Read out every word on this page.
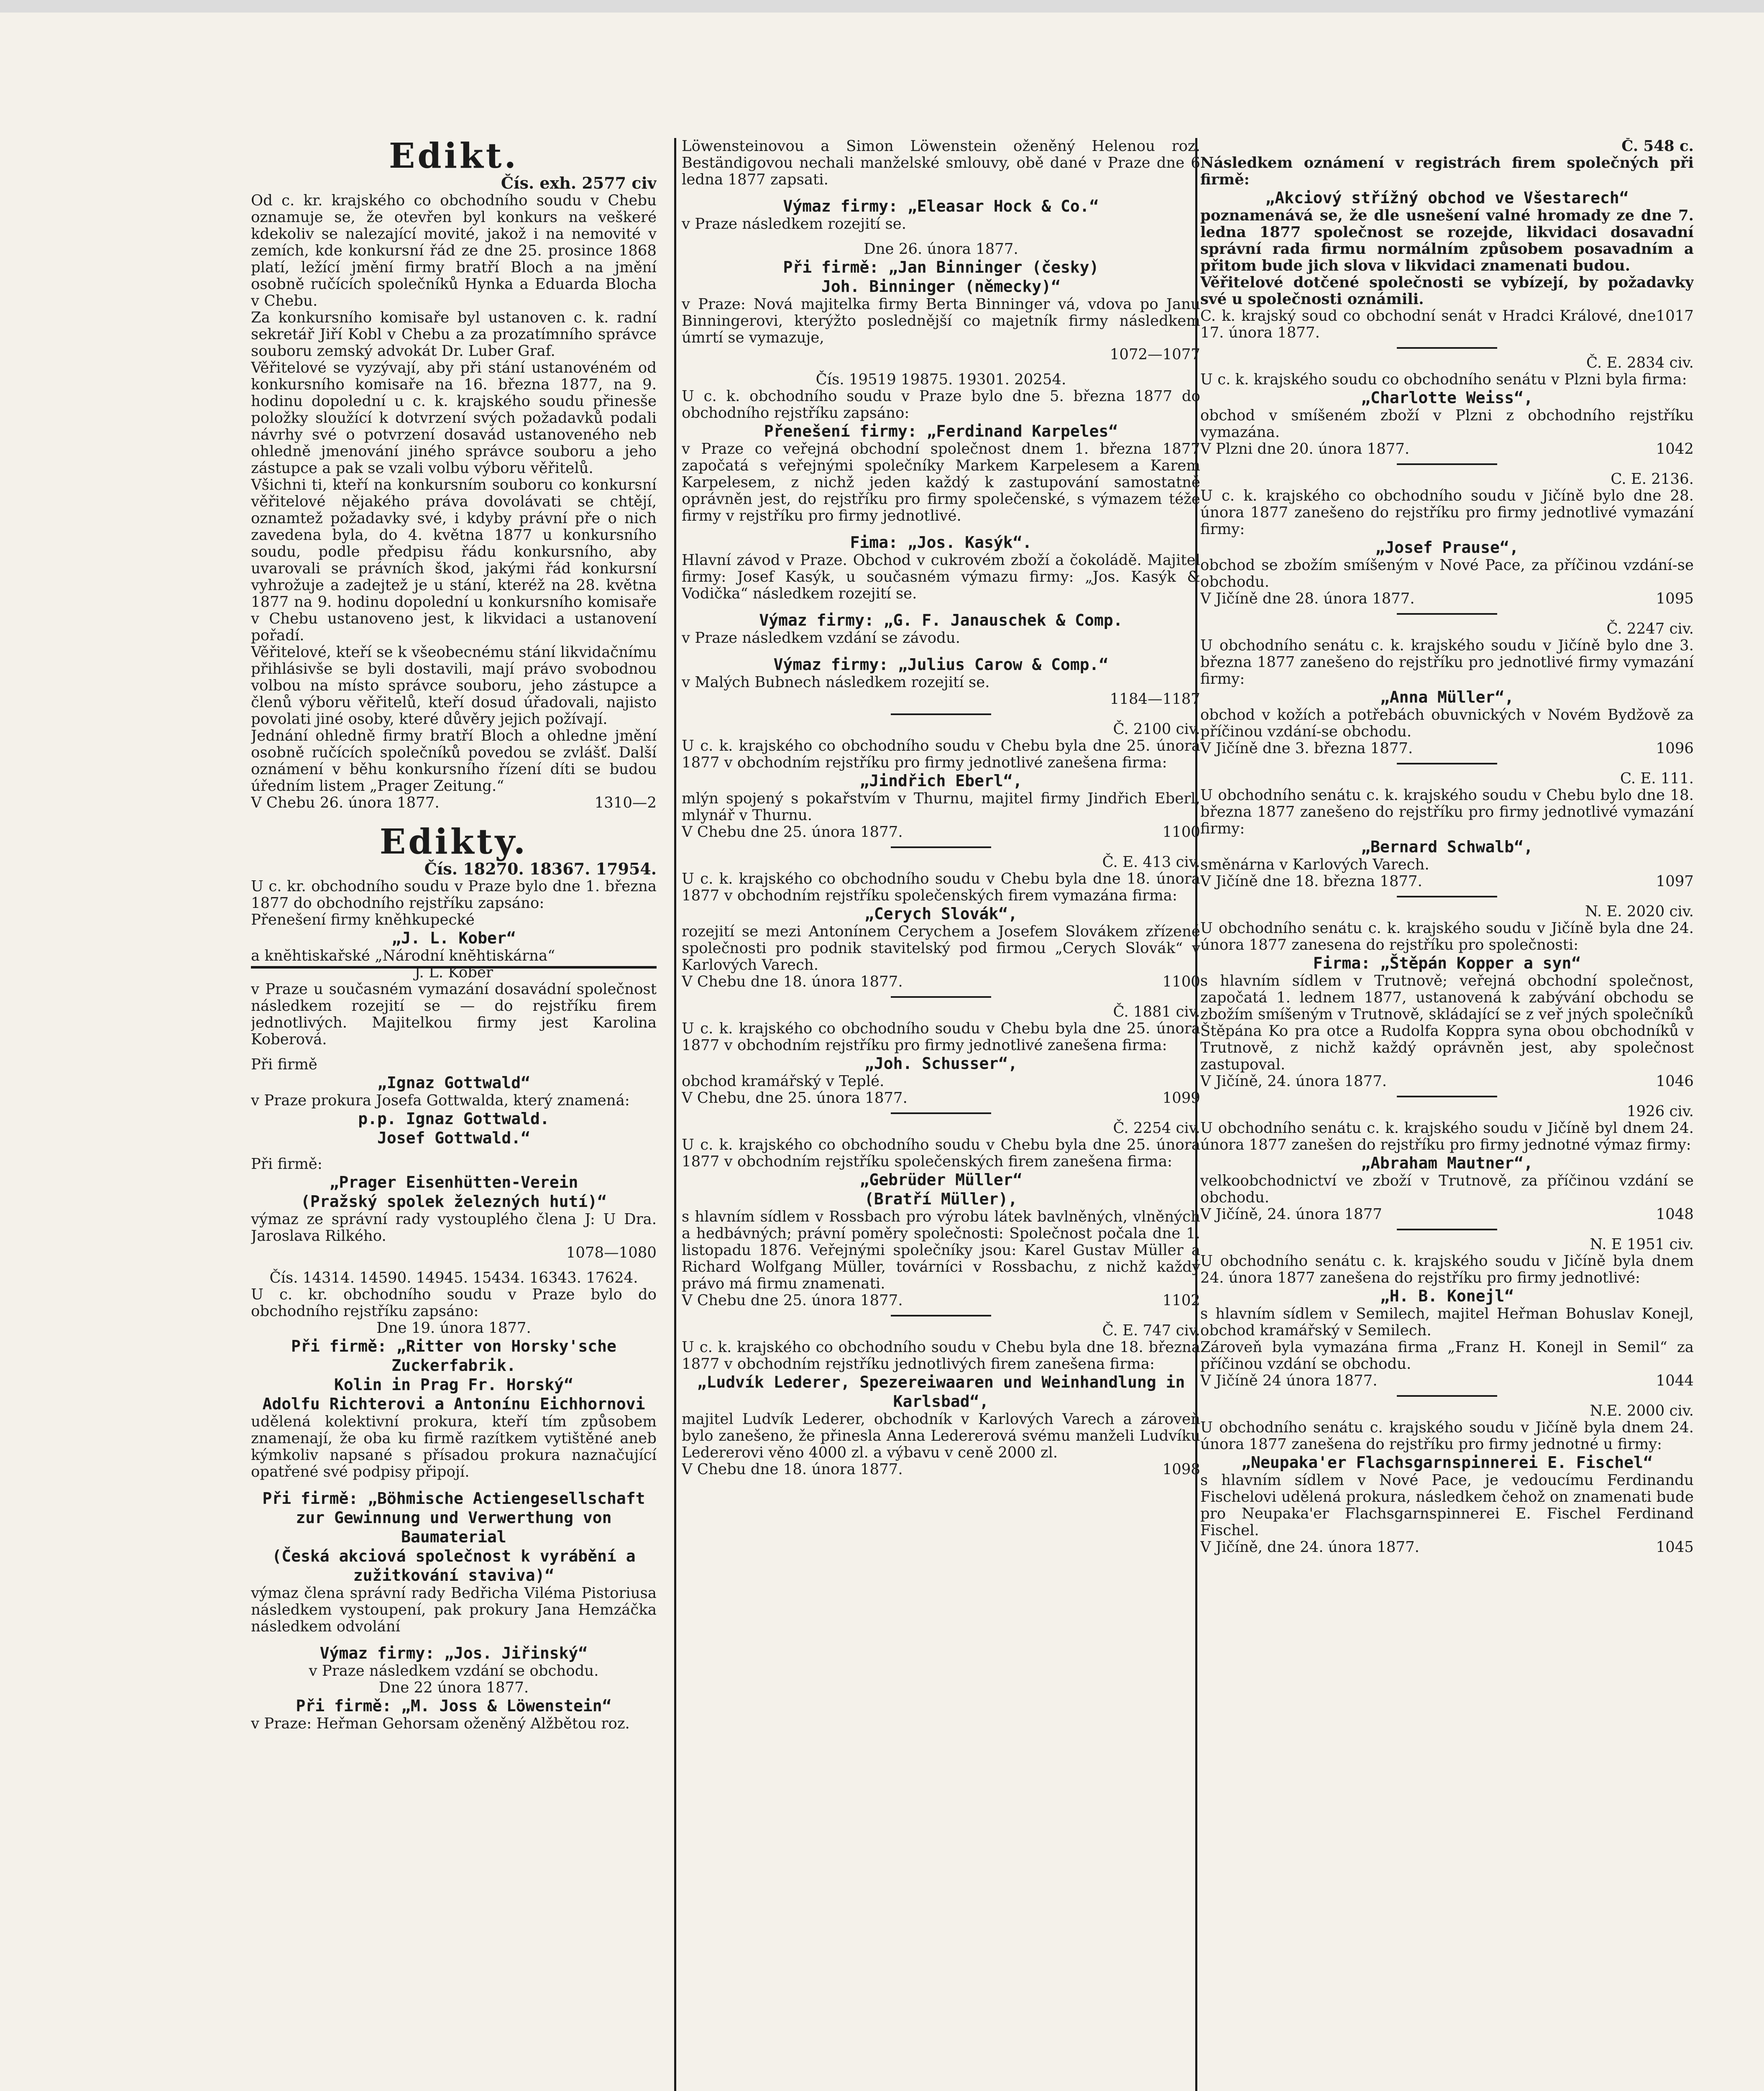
Edikt.
Čís. exh. 2577 civ

Od c. kr. krajského co obchodního soudu v Chebu oznamuje se, že otevřen byl konkurs na veškeré kdekoliv se nalezající movité, jakož i na nemovité v zemích, kde konkursní řád ze dne 25. prosince 1868 platí, ležící jmění firmy bratří Bloch a na jmění osobně ručících společníků Hynka a Eduarda Blocha v Chebu.

Za konkursního komisaře byl ustanoven c. k. radní sekretář Jiří Kobl v Chebu a za prozatímního správce souboru zemský advokát Dr. Luber Graf.

Věřitelové se vyzývají, aby při stání ustanovéném od konkursního komisaře na 16. března 1877, na 9. hodinu dopolední u c. k. krajského soudu přinesše položky sloužící k dotvrzení svých požadavků podali návrhy své o potvrzení dosavád ustanoveného neb ohledně jmenování jiného správce souboru a jeho zástupce a pak se vzali volbu výboru věřitelů.

Všichni ti, kteří na konkursním souboru co konkursní věřitelové nějakého práva dovolávati se chtějí, oznamtež požadavky své, i kdyby právní pře o nich zavedena byla, do 4. května 1877 u konkursního soudu, podle předpisu řádu konkursního, aby uvarovali se právních škod, jakými řád konkursní vyhrožuje a zadejtež je u stání, kteréž na 28. května 1877 na 9. hodinu dopolední u konkursního komisaře v Chebu ustanoveno jest, k likvidaci a ustanovení pořadí.

Věřitelové, kteří se k všeobecnému stání likvidačnímu přihlásivše se byli dostavili, mají právo svobodnou volbou na místo správce souboru, jeho zástupce a členů výboru věřitelů, kteří dosud úřadovali, najisto povolati jiné osoby, které důvěry jejich požívají.

Jednání ohledně firmy bratří Bloch a ohledne jmění osobně ručících společníků povedou se zvlášť. Další oznámení v běhu konkursního řízení díti se budou úředním listem „Prager Zeitung.“

V Chebu 26. února 1877.	1310—2
Edikty.
Čís. 18270. 18367. 17954.

U c. kr. obchodního soudu v Praze bylo dne 1. března 1877 do obchodního rejstříku zapsáno:

Přenešení firmy kněhkupecké

„J. L. Kober“

a knĕhtiskařské „Národní knĕhtiskárna“

J. L. Kober

v Praze u současném vymazání dosavádní společnost následkem rozejití se — do rejstříku firem jednotlivých. Majitelkou firmy jest Karolina Koberová.

Při firmě

„Ignaz Gottwald“

v Praze prokura Josefa Gottwalda, který znamená:

p.p. Ignaz Gottwald.

Josef Gottwald.“

Při firmě:

„Prager Eisenhütten-Verein

(Pražský spolek železných hutí)“

výmaz ze správní rady vystouplého člena J: U Dra. Jaroslava Rilkého.

1078—1080

Čís. 14314. 14590. 14945. 15434. 16343. 17624.

U c. kr. obchodního soudu v Praze bylo do obchodního rejstříku zapsáno:

Dne 19. února 1877.

Při firmě: „Ritter von Horsky'sche Zuckerfabrik.

Kolin in Prag Fr. Horský“

Adolfu Richterovi a Antonínu Eichhornovi

udělená kolektivní prokura, kteří tím způsobem znamenají, že oba ku firmě razítkem vytištěné aneb kýmkoliv napsané s přísadou prokura naznačující opatřené své podpisy připojí.

Při firmě: „Böhmische Actiengesellschaft zur Gewinnung und Verwerthung von Baumaterial

(Česká akciová společnost k vyrábění a zužitkování staviva)“

výmaz člena správní rady Bedřicha Viléma Pistoriusa následkem vystoupení, pak prokury Jana Hemzáčka následkem odvolání

Výmaz firmy: „Jos. Jiřinský“

v Praze následkem vzdání se obchodu.

Dne 22 února 1877.

Při firmě: „M. Joss & Löwenstein“

v Praze: Heřman Gehorsam oženěný Alžbětou roz.

Löwensteinovou a Simon Löwenstein oženěný Helenou roz. Beständigovou nechali manželské smlouvy, obě dané v Praze dne 6 ledna 1877 zapsati.

Výmaz firmy: „Eleasar Hock & Co.“

v Praze následkem rozejití se.

Dne 26. února 1877.

Při firmě: „Jan Binninger (česky)

Joh. Binninger (německy)“

v Praze: Nová majitelka firmy Berta Binninger vá, vdova po Janu Binningerovi, kterýžto poslednější co majetník firmy následkem úmrtí se vymazuje,

1072—1077

Čís. 19519 19875. 19301. 20254.

U c. k. obchodního soudu v Praze bylo dne 5. března 1877 do obchodního rejstříku zapsáno:

Přenešení firmy: „Ferdinand Karpeles“

v Praze co veřejná obchodní společnost dnem 1. března 1877 započatá s veřejnými společníky Markem Karpelesem a Karem Karpelesem, z nichž jeden každý k zastupování samostatně oprávněn jest, do rejstříku pro firmy společenské, s výmazem téže firmy v rejstříku pro firmy jednotlivé.

Fima: „Jos. Kasýk“.

Hlavní závod v Praze. Obchod v cukrovém zboží a čokoládě. Majitel firmy: Josef Kasýk, u současném výmazu firmy: „Jos. Kasýk & Vodička“ následkem rozejití se.

Výmaz firmy: „G. F. Janauschek & Comp.

v Praze následkem vzdání se závodu.

Výmaz firmy: „Julius Carow & Comp.“

v Malých Bubnech následkem rozejití se.

1184—1187

Č. 2100 civ.

U c. k. krajského co obchodního soudu v Chebu byla dne 25. února 1877 v obchodním rejstříku pro firmy jednotlivé zanešena firma:

„Jindřich Eberl“,

mlýn spojený s pokařstvím v Thurnu, majitel firmy Jindřich Eberl, mlynář v Thurnu.

V Chebu dne 25. února 1877.	1100

Č. E. 413 civ.

U c. k. krajského co obchodního soudu v Chebu byla dne 18. února 1877 v obchodním rejstříku společenských firem vymazána firma:

„Cerych Slovák“,

rozejití se mezi Antonínem Cerychem a Josefem Slovákem zřízené společnosti pro podnik stavitelský pod firmou „Cerych Slovák“ v Karlových Varech.

V Chebu dne 18. února 1877.	1100

Č. 1881 civ.

U c. k. krajského co obchodního soudu v Chebu byla dne 25. února 1877 v obchodním rejstříku pro firmy jednotlivé zanešena firma:

„Joh. Schusser“,

obchod kramářský v Teplé.

V Chebu, dne 25. února 1877.	1099

Č. 2254 civ.

U c. k. krajského co obchodního soudu v Chebu byla dne 25. února 1877 v obchodním rejstříku společenských firem zanešena firma:

„Gebrüder Müller“

(Bratří Müller),

s hlavním sídlem v Rossbach pro výrobu látek bavlněných, vlněných a hedbávných; právní poměry společnosti: Společnost počala dne 1. listopadu 1876. Veřejnými společníky jsou: Karel Gustav Müller a Richard Wolfgang Müller, továrníci v Rossbachu, z nichž každý právo má firmu znamenati.

V Chebu dne 25. února 1877.	1102

Č. E. 747 civ.

U c. k. krajského co obchodního soudu v Chebu byla dne 18. března 1877 v obchodním rejstříku jednotlivých firem zanešena firma:

„Ludvík Lederer, Spezereiwaaren und Weinhandlung in Karlsbad“,

majitel Ludvík Lederer, obchodník v Karlových Varech a zároveň bylo zanešeno, že přinesla Anna Ledererová svému manželi Ludvíku Ledererovi věno 4000 zl. a výbavu v ceně 2000 zl.

V Chebu dne 18. února 1877.	1098

Č. 548 c.

Následkem oznámení v registrách firem společných při firmě:

„Akciový střížný obchod ve Všestarech“

poznamenává se, že dle usnešení valné hromady ze dne 7. ledna 1877 společnost se rozejde, likvidaci dosavadní správní rada firmu normálním způsobem posavadním a přitom bude jich slova v likvidaci znamenati budou.

Věřitelové dotčené společnosti se vybízejí, by požadavky své u společnosti oznámili.

C. k. krajský soud co obchodní senát v Hradci Králové, dne 17. února 1877.
1017

Č. E. 2834 civ.

U c. k. krajského soudu co obchodního senátu v Plzni byla firma:

„Charlotte Weiss“,

obchod v smíšeném zboží v Plzni z obchodního rejstříku vymazána.

V Plzni dne 20. února 1877.	1042

C. E. 2136.

U c. k. krajského co obchodního soudu v Jičíně bylo dne 28. února 1877 zanešeno do rejstříku pro firmy jednotlivé vymazání firmy:

„Josef Prause“,

obchod se zbožím smíšeným v Nové Pace, za příčinou vzdání-se obchodu.

V Jičíně dne 28. února 1877.	1095

Č. 2247 civ.

U obchodního senátu c. k. krajského soudu v Jičíně bylo dne 3. března 1877 zanešeno do rejstříku pro jednotlivé firmy vymazání firmy:

„Anna Müller“,

obchod v kožích a potřebách obuvnických v Novém Bydžově za příčinou vzdání-se obchodu.

V Jičíně dne 3. března 1877.	1096

C. E. 111.

U obchodního senátu c. k. krajského soudu v Chebu bylo dne 18. března 1877 zanešeno do rejstříku pro firmy jednotlivé vymazání firmy:

„Bernard Schwalb“,

směnárna v Karlových Varech.

V Jičíně dne 18. března 1877.	1097

N. E. 2020 civ.

U obchodního senátu c. k. krajského soudu v Jičíně byla dne 24. února 1877 zanesena do rejstříku pro společnosti:

Firma: „Štěpán Kopper a syn“

s hlavním sídlem v Trutnově; veřejná obchodní společnost, započatá 1. lednem 1877, ustanovená k zabývání obchodu se zbožím smíšeným v Trutnově, skládající se z veř jných společníků Štěpána Ko pra otce a Rudolfa Koppra syna obou obchodníků v Trutnově, z nichž každý oprávněn jest, aby společnost zastupoval.

V Jičíně, 24. února 1877.	1046

1926 civ.

U obchodního senátu c. k. krajského soudu v Jičíně byl dnem 24. února 1877 zanešen do rejstříku pro firmy jednotné výmaz firmy:

„Abraham Mautner“,

velkoobchodnictví ve zboží v Trutnově, za příčinou vzdání se obchodu.

V Jičíně, 24. února 1877	1048

N. E 1951 civ.

U obchodního senátu c. k. krajského soudu v Jičíně byla dnem 24. února 1877 zanešena do rejstříku pro firmy jednotlivé:

„H. B. Konejl“

s hlavním sídlem v Semilech, majitel Heřman Bohuslav Konejl, obchod kramářský v Semilech.

Zároveň byla vymazána firma „Franz H. Konejl in Semil“ za příčinou vzdání se obchodu.

V Jičíně 24 února 1877.	1044

N.E. 2000 civ.

U obchodního senátu c. krajského soudu v Jičíně byla dnem 24. února 1877 zanešena do rejstříku pro firmy jednotné u firmy:

„Neupaka'er Flachsgarnspinnerei E. Fischel“

s hlavním sídlem v Nové Pace, je vedoucímu Ferdinandu Fischelovi udělená prokura, následkem čehož on znamenati bude pro Neupaka'er Flachsgarnspinnerei E. Fischel Ferdinand Fischel.

V Jičíně, dne 24. února 1877.	1045
